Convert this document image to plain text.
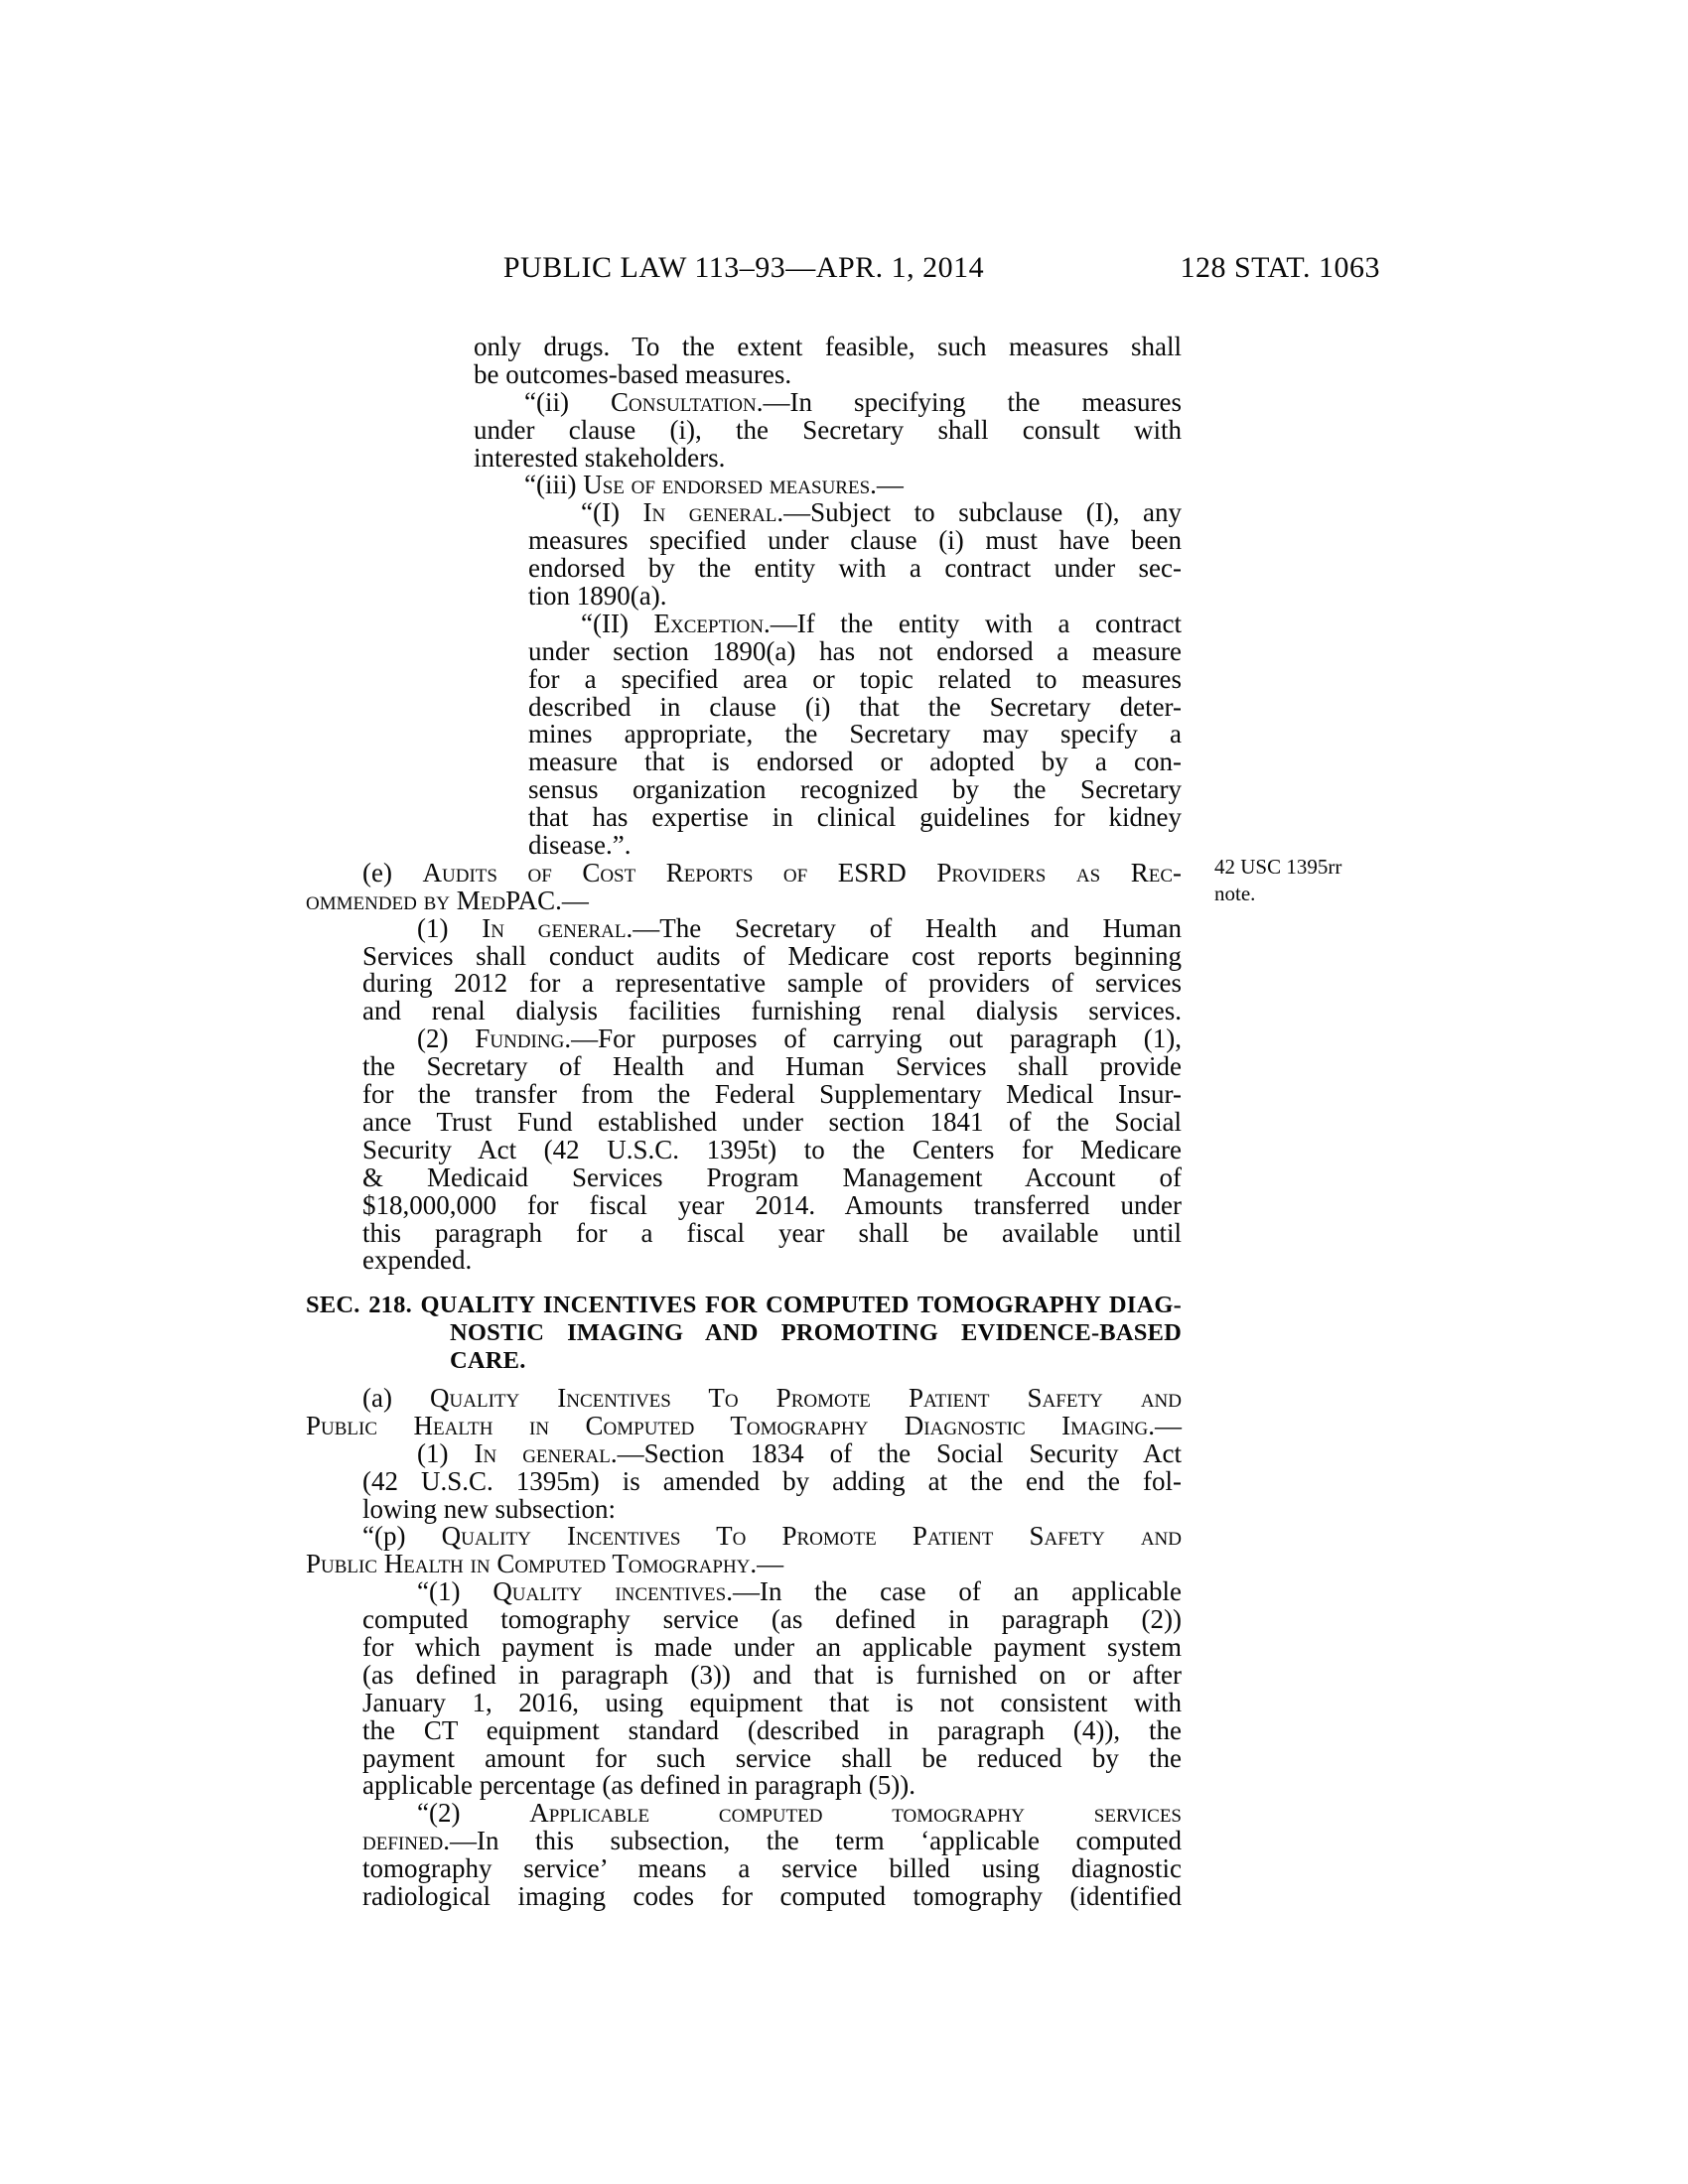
PUBLIC LAW 113–93—APR. 1, 2014	128 STAT. 1063
only drugs. To the extent feasible, such measures shall
be outcomes-based measures.
“(ii) Consultation.—In specifying the measures
under clause (i), the Secretary shall consult with
interested stakeholders.
“(iii) Use of endorsed measures.—
“(I) In general.—Subject to subclause (I), any
measures specified under clause (i) must have been
endorsed by the entity with a contract under sec-
tion 1890(a).
“(II) Exception.—If the entity with a contract
under section 1890(a) has not endorsed a measure
for a specified area or topic related to measures
described in clause (i) that the Secretary deter-
mines appropriate, the Secretary may specify a
measure that is endorsed or adopted by a con-
sensus organization recognized by the Secretary
that has expertise in clinical guidelines for kidney
disease.”.
(e) Audits of Cost Reports of ESRD Providers as Rec-
ommended by MedPAC.—
(1) In general.—The Secretary of Health and Human
Services shall conduct audits of Medicare cost reports beginning
during 2012 for a representative sample of providers of services
and renal dialysis facilities furnishing renal dialysis services.
(2) Funding.—For purposes of carrying out paragraph (1),
the Secretary of Health and Human Services shall provide
for the transfer from the Federal Supplementary Medical Insur-
ance Trust Fund established under section 1841 of the Social
Security Act (42 U.S.C. 1395t) to the Centers for Medicare
& Medicaid Services Program Management Account of
$18,000,000 for fiscal year 2014. Amounts transferred under
this paragraph for a fiscal year shall be available until
expended.
SEC. 218. QUALITY INCENTIVES FOR COMPUTED TOMOGRAPHY DIAG-
NOSTIC IMAGING AND PROMOTING EVIDENCE-BASED
CARE.
(a) Quality Incentives To Promote Patient Safety and
Public Health in Computed Tomography Diagnostic Imaging.—
(1) In general.—Section 1834 of the Social Security Act
(42 U.S.C. 1395m) is amended by adding at the end the fol-
lowing new subsection:
“(p) Quality Incentives To Promote Patient Safety and
Public Health in Computed Tomography.—
“(1) Quality incentives.—In the case of an applicable
computed tomography service (as defined in paragraph (2))
for which payment is made under an applicable payment system
(as defined in paragraph (3)) and that is furnished on or after
January 1, 2016, using equipment that is not consistent with
the CT equipment standard (described in paragraph (4)), the
payment amount for such service shall be reduced by the
applicable percentage (as defined in paragraph (5)).
“(2) Applicable computed tomography services
defined.—In this subsection, the term ‘applicable computed
tomography service’ means a service billed using diagnostic
radiological imaging codes for computed tomography (identified
42 USC 1395rr
note.
